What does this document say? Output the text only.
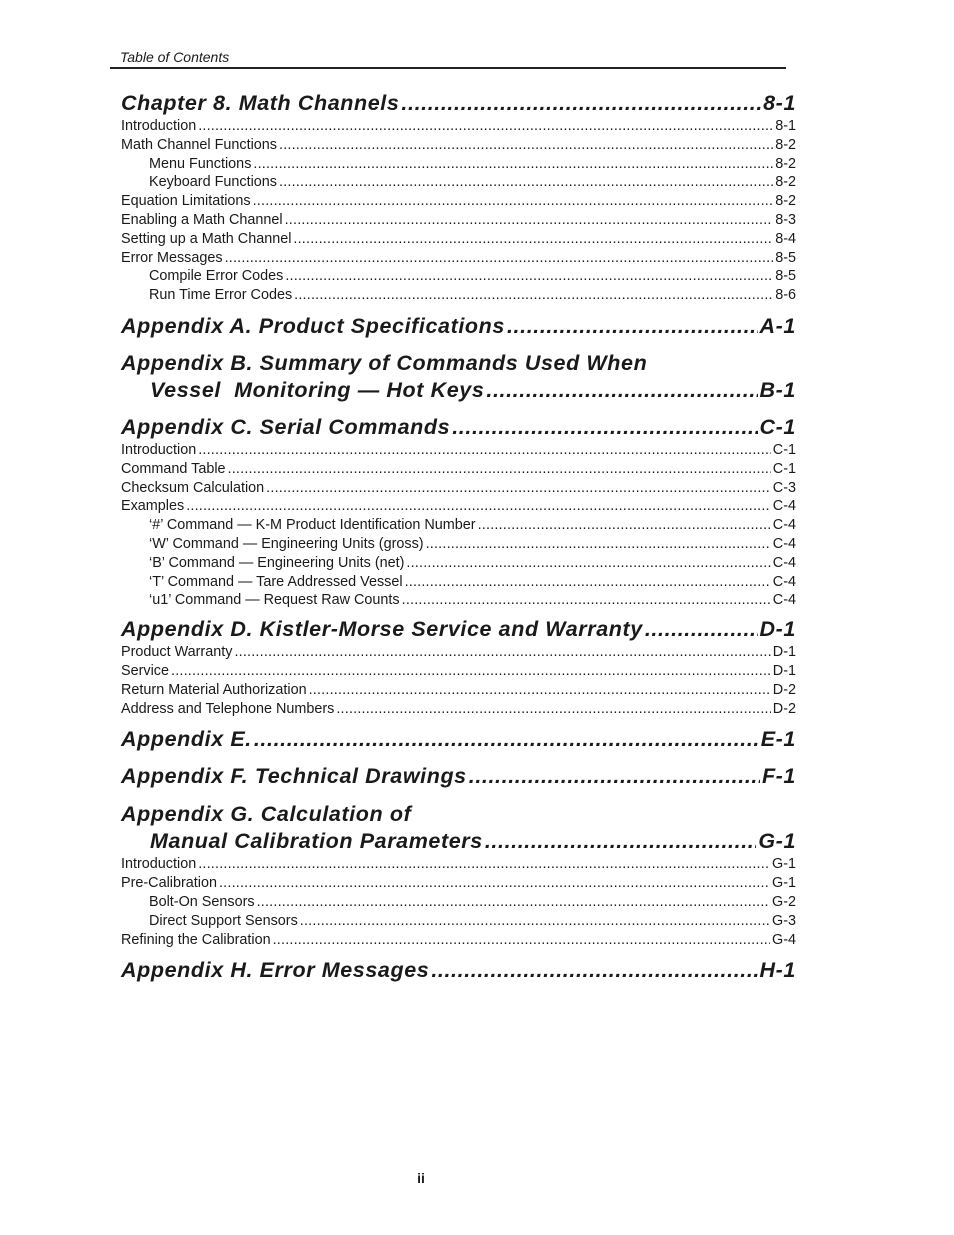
Table of Contents
Chapter 8. Math Channels .....	8-1
Introduction .....	8-1
Math Channel Functions .....	8-2
Menu Functions .....	8-2
Keyboard Functions .....	8-2
Equation Limitations .....	8-2
Enabling a Math Channel .....	8-3
Setting up a Math Channel .....	8-4
Error Messages .....	8-5
Compile Error Codes .....	8-5
Run Time Error Codes .....	8-6
Appendix A. Product Specifications .....	A-1
Appendix B. Summary of Commands Used When
Vessel  Monitoring — Hot Keys .....	B-1
Appendix C. Serial Commands .....	C-1
Introduction .....	C-1
Command Table .....	C-1
Checksum Calculation .....	C-3
Examples .....	C-4
‘#’ Command — K-M Product Identification Number .....	C-4
‘W’ Command — Engineering Units (gross) .....	C-4
‘B’ Command — Engineering Units (net) .....	C-4
‘T’ Command — Tare Addressed Vessel .....	C-4
‘u1’ Command — Request Raw Counts .....	C-4
Appendix D. Kistler-Morse Service and Warranty .....	D-1
Product Warranty .....	D-1
Service .....	D-1
Return Material Authorization .....	D-2
Address and Telephone Numbers .....	D-2
Appendix E. .....	E-1
Appendix F. Technical Drawings .....	F-1
Appendix G. Calculation of
Manual Calibration Parameters .....	G-1
Introduction .....	G-1
Pre-Calibration .....	G-1
Bolt-On Sensors .....	G-2
Direct Support Sensors .....	G-3
Refining the Calibration .....	G-4
Appendix H. Error Messages .....	H-1
ii
